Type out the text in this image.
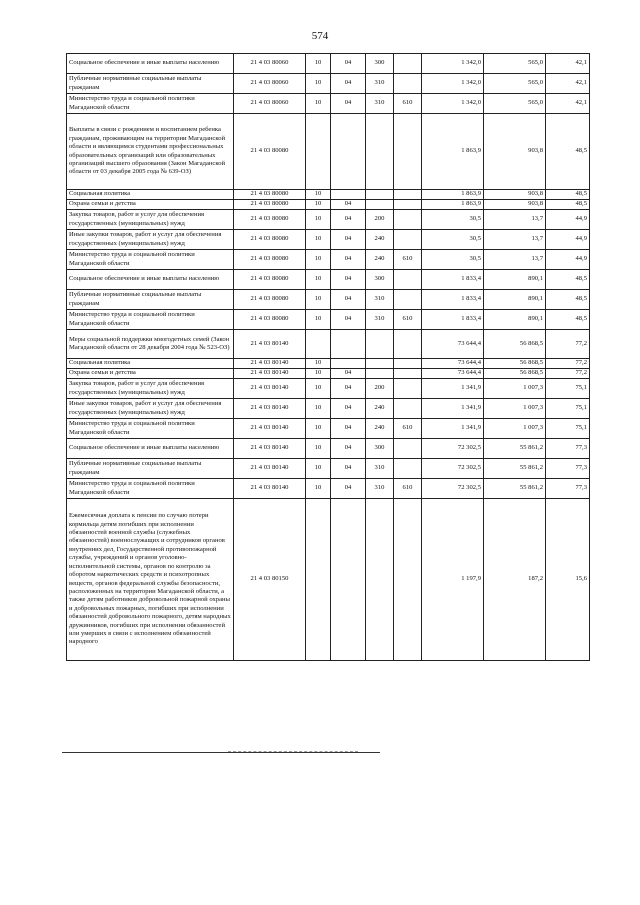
574
Социальное обеспечение и иные выплаты населению	21 4 03 80060	10	04	300		1 342,0	565,0	42,1
Публичные нормативные социальные выплаты гражданам	21 4 03 80060	10	04	310		1 342,0	565,0	42,1
Министерство труда и социальной политики Магаданской области	21 4 03 80060	10	04	310	610	1 342,0	565,0	42,1
Выплаты в связи с рождением и воспитанием ребенка гражданам, проживающим на территории Магаданской области и являющимся студентами профессиональных образовательных организаций или образовательных организаций высшего образования (Закон Магаданской области от 03 декабря 2005 года № 639-ОЗ)	21 4 03 80080					1 863,9	903,8	48,5
Социальная политика	21 4 03 80080	10				1 863,9	903,8	48,5
Охрана семьи и детства	21 4 03 80080	10	04			1 863,9	903,8	48,5
Закупка товаров, работ и услуг для обеспечения государственных (муниципальных) нужд	21 4 03 80080	10	04	200		30,5	13,7	44,9
Иные закупки товаров, работ и услуг для обеспечения государственных (муниципальных) нужд	21 4 03 80080	10	04	240		30,5	13,7	44,9
Министерство труда и социальной политики Магаданской области	21 4 03 80080	10	04	240	610	30,5	13,7	44,9
Социальное обеспечение и иные выплаты населению	21 4 03 80080	10	04	300		1 833,4	890,1	48,5
Публичные нормативные социальные выплаты гражданам	21 4 03 80080	10	04	310		1 833,4	890,1	48,5
Министерство труда и социальной политики Магаданской области	21 4 03 80080	10	04	310	610	1 833,4	890,1	48,5
Меры социальной поддержки многодетных семей (Закон Магаданской области от 28 декабря 2004 года № 523-ОЗ)	21 4 03 80140					73 644,4	56 868,5	77,2
Социальная политика	21 4 03 80140	10				73 644,4	56 868,5	77,2
Охрана семьи и детства	21 4 03 80140	10	04			73 644,4	56 868,5	77,2
Закупка товаров, работ и услуг для обеспечения государственных (муниципальных) нужд	21 4 03 80140	10	04	200		1 341,9	1 007,3	75,1
Иные закупки товаров, работ и услуг для обеспечения государственных (муниципальных) нужд	21 4 03 80140	10	04	240		1 341,9	1 007,3	75,1
Министерство труда и социальной политики Магаданской области	21 4 03 80140	10	04	240	610	1 341,9	1 007,3	75,1
Социальное обеспечение и иные выплаты населению	21 4 03 80140	10	04	300		72 302,5	55 861,2	77,3
Публичные нормативные социальные выплаты гражданам	21 4 03 80140	10	04	310		72 302,5	55 861,2	77,3
Министерство труда и социальной политики Магаданской области	21 4 03 80140	10	04	310	610	72 302,5	55 861,2	77,3
Ежемесячная доплата к пенсии по случаю потери кормильца детям погибших при исполнении обязанностей военной службы (служебных обязанностей) военнослужащих и сотрудников органов внутренних дел, Государственной противопожарной службы, учреждений и органов уголовно-исполнительной системы, органов по контролю за оборотом наркотических средств и психотропных веществ, органов федеральной службы безопасности, расположенных на территории Магаданской области, а также детям работников добровольной пожарной охраны и добровольных пожарных, погибших при исполнении обязанностей добровольного пожарного, детям народных дружинников, погибших при исполнении обязанностей или умерших в связи с исполнением обязанностей народного	21 4 03 80150					1 197,9	187,2	15,6
